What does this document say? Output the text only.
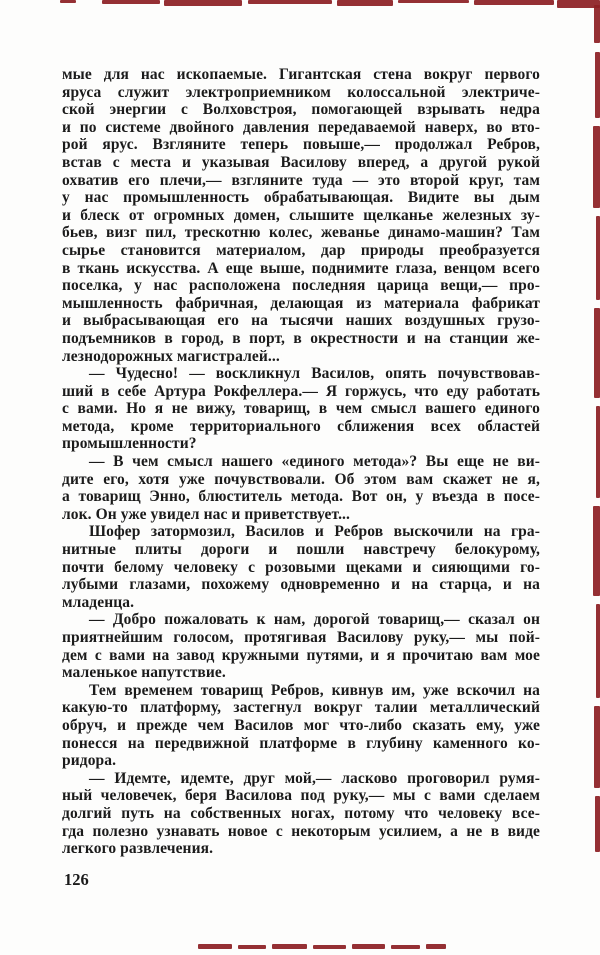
мые для нас ископаемые. Гигантская стена вокруг первого
яруса служит электроприемником колоссальной электриче-
ской энергии с Волховстроя, помогающей взрывать недра
и по системе двойного давления передаваемой наверх, во вто-
рой ярус. Взгляните теперь повыше,— продолжал Ребров,
встав с места и указывая Василову вперед, а другой рукой
охватив его плечи,— взгляните туда — это второй круг, там
у нас промышленность обрабатывающая. Видите вы дым
и блеск от огромных домен, слышите щелканье железных зу-
бьев, визг пил, трескотню колес, жеванье динамо-машин? Там
сырье становится материалом, дар природы преобразуется
в ткань искусства. А еще выше, поднимите глаза, венцом всего
поселка, у нас расположена последняя царица вещи,— про-
мышленность фабричная, делающая из материала фабрикат
и выбрасывающая его на тысячи наших воздушных грузо-
подъемников в город, в порт, в окрестности и на станции же-
лезнодорожных магистралей...
— Чудесно! — воскликнул Василов, опять почувствовав-
ший в себе Артура Рокфеллера.— Я горжусь, что еду работать
с вами. Но я не вижу, товарищ, в чем смысл вашего единого
метода, кроме территориального сближения всех областей
промышленности?
— В чем смысл нашего «единого метода»? Вы еще не ви-
дите его, хотя уже почувствовали. Об этом вам скажет не я,
а товарищ Энно, блюститель метода. Вот он, у въезда в посе-
лок. Он уже увидел нас и приветствует...
Шофер затормозил, Василов и Ребров выскочили на гра-
нитные плиты дороги и пошли навстречу белокурому,
почти белому человеку с розовыми щеками и сияющими го-
лубыми глазами, похожему одновременно и на старца, и на
младенца.
— Добро пожаловать к нам, дорогой товарищ,— сказал он
приятнейшим голосом, протягивая Василову руку,— мы пой-
дем с вами на завод кружными путями, и я прочитаю вам мое
маленькое напутствие.
Тем временем товарищ Ребров, кивнув им, уже вскочил на
какую-то платформу, застегнул вокруг талии металлический
обруч, и прежде чем Василов мог что-либо сказать ему, уже
понесся на передвижной платформе в глубину каменного ко-
ридора.
— Идемте, идемте, друг мой,— ласково проговорил румя-
ный человечек, беря Василова под руку,— мы с вами сделаем
долгий путь на собственных ногах, потому что человеку все-
гда полезно узнавать новое с некоторым усилием, а не в виде
легкого развлечения.
126
